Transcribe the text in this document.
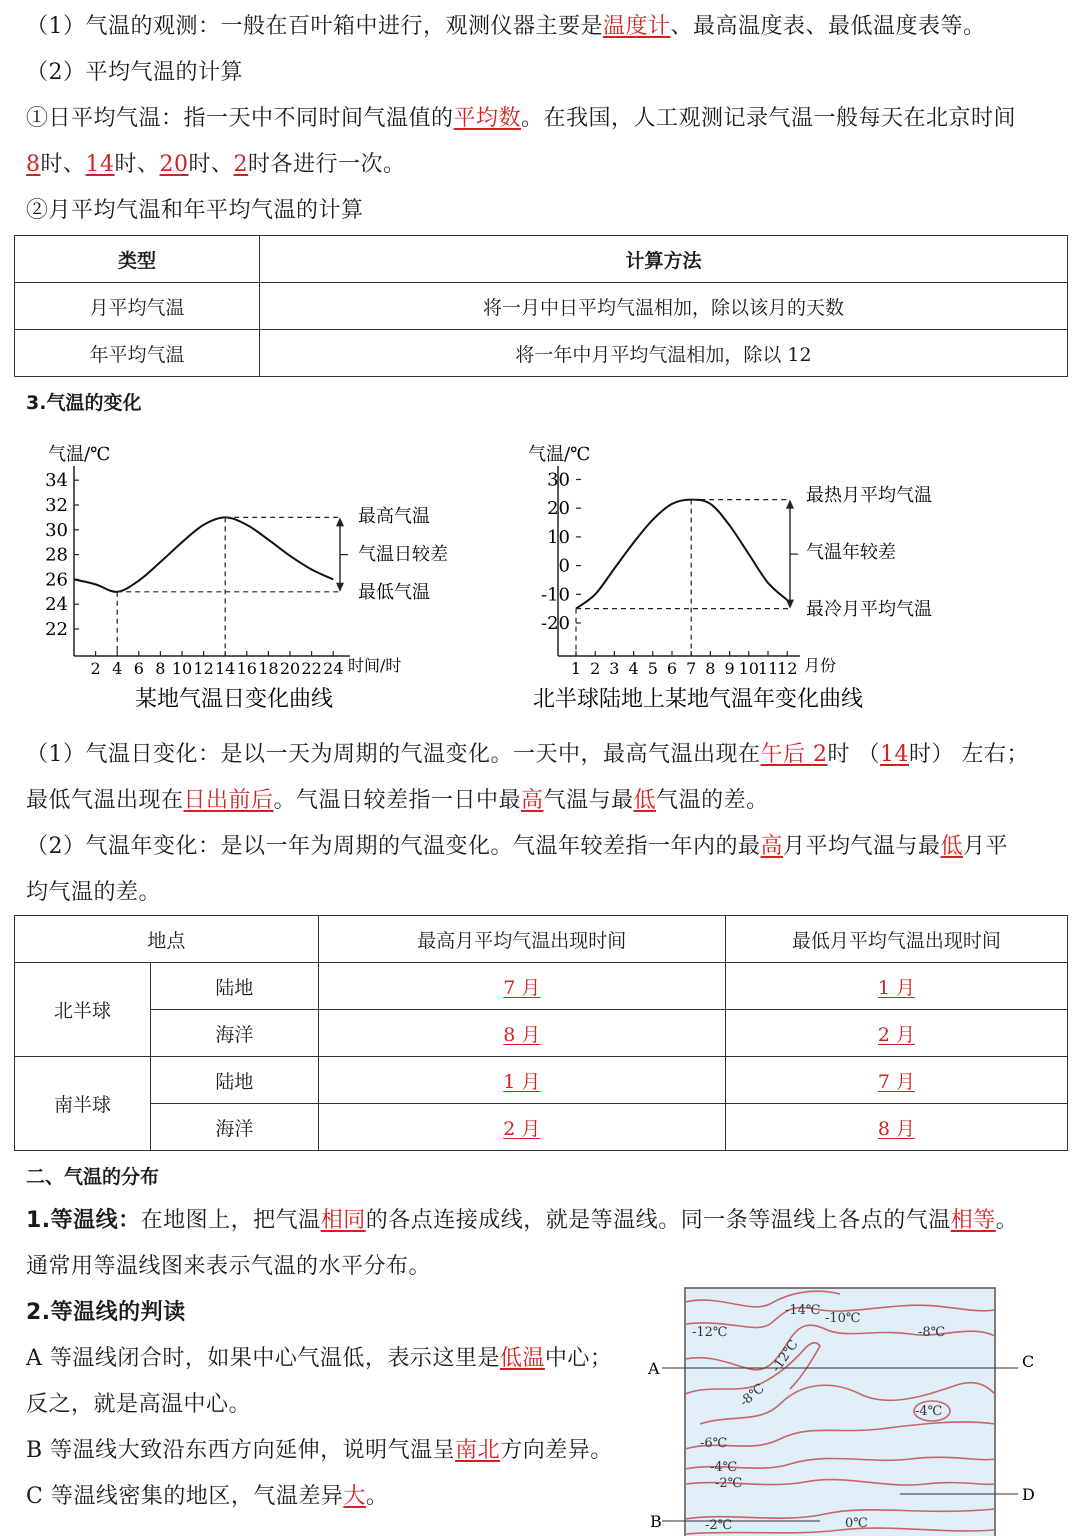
（1）气温的观测：一般在百叶箱中进行，观测仪器主要是温度计、最高温度表、最低温度表等。
（2）平均气温的计算
①日平均气温：指一天中不同时间气温值的平均数。在我国，人工观测记录气温一般每天在北京时间
8时、14时、20时、2时各进行一次。
②月平均气温和年平均气温的计算
类型	计算方法
月平均气温	将一月中日平均气温相加，除以该月的天数
年平均气温	将一年中月平均气温相加，除以 12
3.气温的变化
气温/℃
时间/时
最高气温
气温日较差
最低气温
某地气温日变化曲线
22
24
26
28
30
32
34
2 4 6 8 10 12 14 16 18 20 22 24
气温/℃
月份
最热月平均气温
气温年较差
最冷月平均气温
北半球陆地上某地气温年变化曲线
-20
-10
0
10
20
30
1 2 3 4 5 6 7 8 9 10
11
12
（1）气温日变化：是以一天为周期的气温变化。一天中，最高气温出现在午后 2时 （14时） 左右；
最低气温出现在日出前后。气温日较差指一日中最高气温与最低气温的差。
（2）气温年变化：是以一年为周期的气温变化。气温年较差指一年内的最高月平均气温与最低月平
均气温的差。
地点		最高月平均气温出现时间	最低月平均气温出现时间
北半球	陆地	7 月	1 月
	海洋	8 月	2 月
南半球	陆地	1 月	7 月
	海洋	2 月	8 月
二、气温的分布
1.等温线：在地图上，把气温相同的各点连接成线，就是等温线。同一条等温线上各点的气温相等。
通常用等温线图来表示气温的水平分布。
2.等温线的判读
A 等温线闭合时，如果中心气温低，表示这里是低温中心；
反之，就是高温中心。
B 等温线大致沿东西方向延伸，说明气温呈南北方向差异。
C 等温线密集的地区，气温差异大。
A
B
C
D
-14℃
-10℃
-12℃
-12℃
-8℃
-8℃
-4℃
-6℃
-4℃
-2℃
0℃
-2℃
